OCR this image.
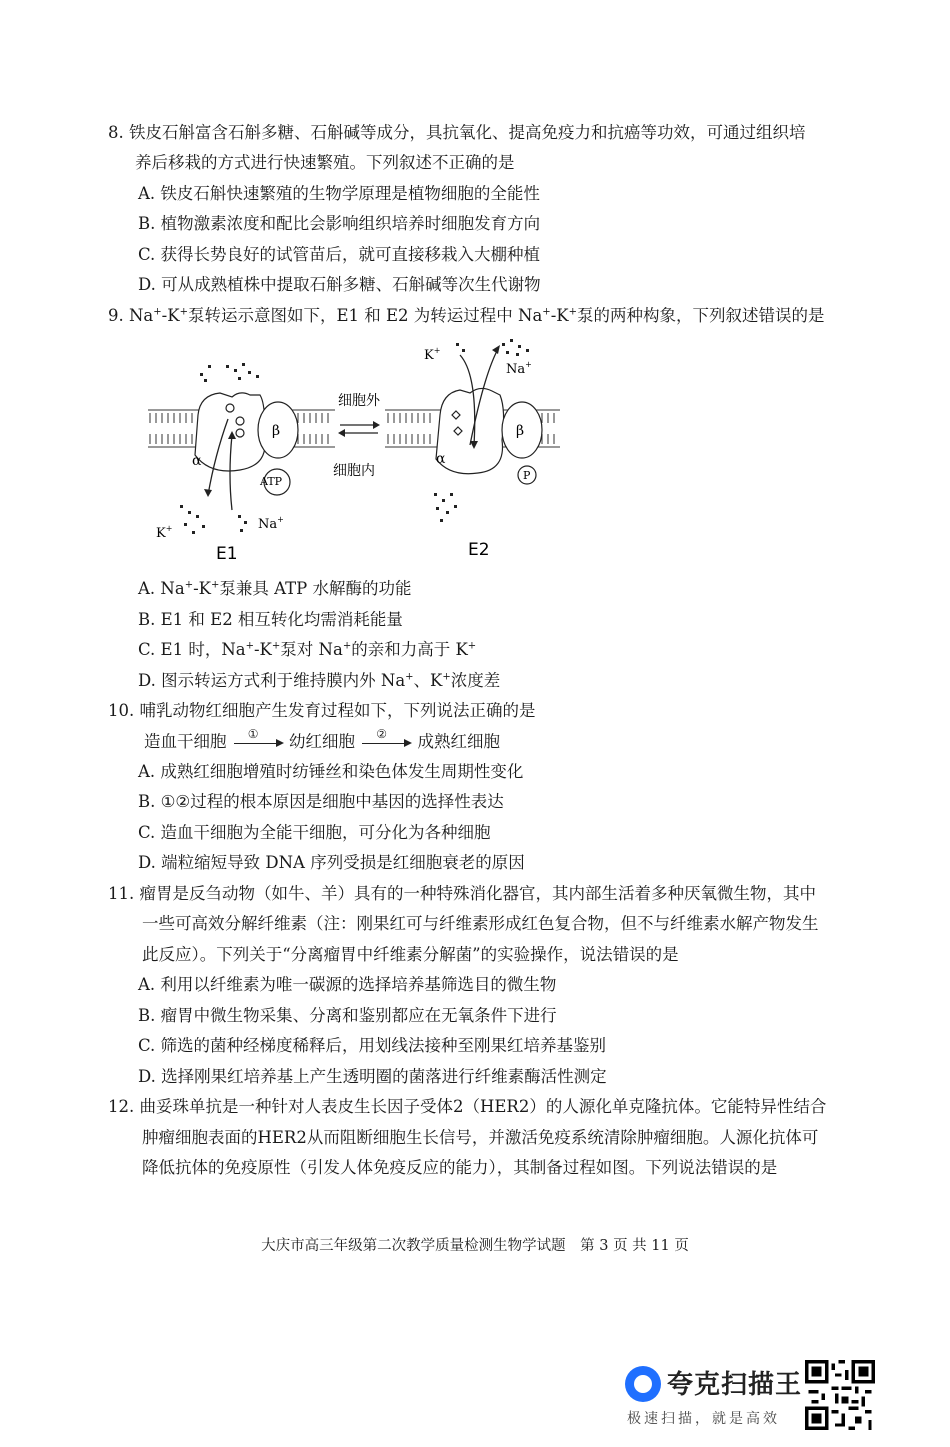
8. 铁皮石斛富含石斛多糖、石斛碱等成分，具抗氧化、提高免疫力和抗癌等功效，可通过组织培
养后移栽的方式进行快速繁殖。下列叙述不正确的是
A. 铁皮石斛快速繁殖的生物学原理是植物细胞的全能性
B. 植物激素浓度和配比会影响组织培养时细胞发育方向
C. 获得长势良好的试管苗后，就可直接移栽入大棚种植
D. 可从成熟植株中提取石斛多糖、石斛碱等次生代谢物
9. Na+-K+泵转运示意图如下，E1 和 E2 为转运过程中 Na+-K+泵的两种构象，下列叙述错误的是
ATP
α
β
K+	Na+
E1
细胞外
细胞内	P
α
β
K+
Na+
E2
A. Na+-K+泵兼具 ATP 水解酶的功能
B. E1 和 E2 相互转化均需消耗能量
C. E1 时，Na+-K+泵对 Na+的亲和力高于 K+
D. 图示转运方式利于维持膜内外 Na+、K+浓度差
10. 哺乳动物红细胞产生发育过程如下，下列说法正确的是
造血干细胞 ① 幼红细胞 ② 成熟红细胞
A. 成熟红细胞增殖时纺锤丝和染色体发生周期性变化
B. ①②过程的根本原因是细胞中基因的选择性表达
C. 造血干细胞为全能干细胞，可分化为各种细胞
D. 端粒缩短导致 DNA 序列受损是红细胞衰老的原因
11. 瘤胃是反刍动物（如牛、羊）具有的一种特殊消化器官，其内部生活着多种厌氧微生物，其中
一些可高效分解纤维素（注：刚果红可与纤维素形成红色复合物，但不与纤维素水解产物发生
此反应）。下列关于“分离瘤胃中纤维素分解菌”的实验操作，说法错误的是
A. 利用以纤维素为唯一碳源的选择培养基筛选目的微生物
B. 瘤胃中微生物采集、分离和鉴别都应在无氧条件下进行
C. 筛选的菌种经梯度稀释后，用划线法接种至刚果红培养基鉴别
D. 选择刚果红培养基上产生透明圈的菌落进行纤维素酶活性测定
12. 曲妥珠单抗是一种针对人表皮生长因子受体2（HER2）的人源化单克隆抗体。它能特异性结合
肿瘤细胞表面的HER2从而阻断细胞生长信号，并激活免疫系统清除肿瘤细胞。人源化抗体可
降低抗体的免疫原性（引发人体免疫反应的能力），其制备过程如图。下列说法错误的是
大庆市高三年级第二次教学质量检测生物学试题　第 3 页 共 11 页
夸克扫描王
极速扫描，就是高效
